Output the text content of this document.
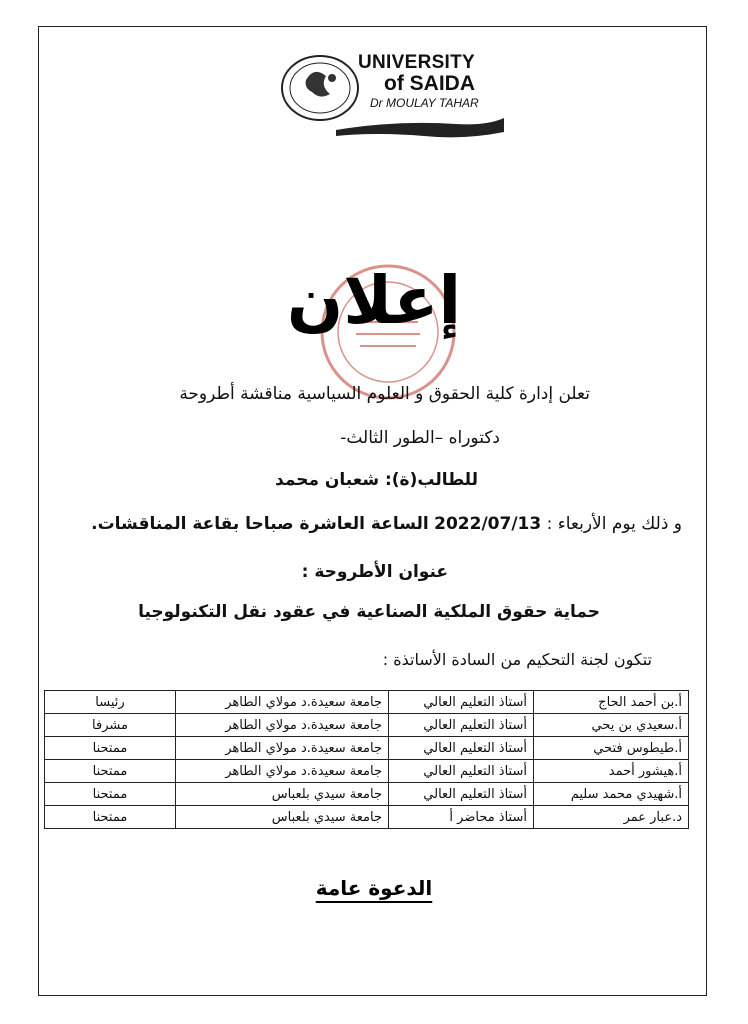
UNIVERSITY
of SAIDA
Dr MOULAY TAHAR
إعلان
تعلن إدارة كلية الحقوق و العلوم السياسية مناقشة أطروحة
دكتوراه –الطور الثالث-
للطالب(ة): شعبان محمد
و ذلك يوم الأربعاء : 2022/07/13 الساعة العاشرة صباحا بقاعة المناقشات.
عنوان الأطروحة :
حماية حقوق الملكية الصناعية في عقود نقل التكنولوجيا
تتكون لجنة التحكيم من السادة الأساتذة :
أ.بن أحمد الحاج	أستاذ التعليم العالي	جامعة سعيدة.د مولاي الطاهر	رئيسا
أ.سعيدي بن يحي	أستاذ التعليم العالي	جامعة سعيدة.د مولاي الطاهر	مشرفا
أ.طيطوس فتحي	أستاذ التعليم العالي	جامعة سعيدة.د مولاي الطاهر	ممتحنا
أ.هيشور أحمد	أستاذ التعليم العالي	جامعة سعيدة.د مولاي الطاهر	ممتحنا
أ.شهيدي محمد سليم	أستاذ التعليم العالي	جامعة سيدي بلعباس	ممتحنا
د.عبار عمر	أستاذ محاضر أ	جامعة سيدي بلعباس	ممتحنا
الدعوة عامة
